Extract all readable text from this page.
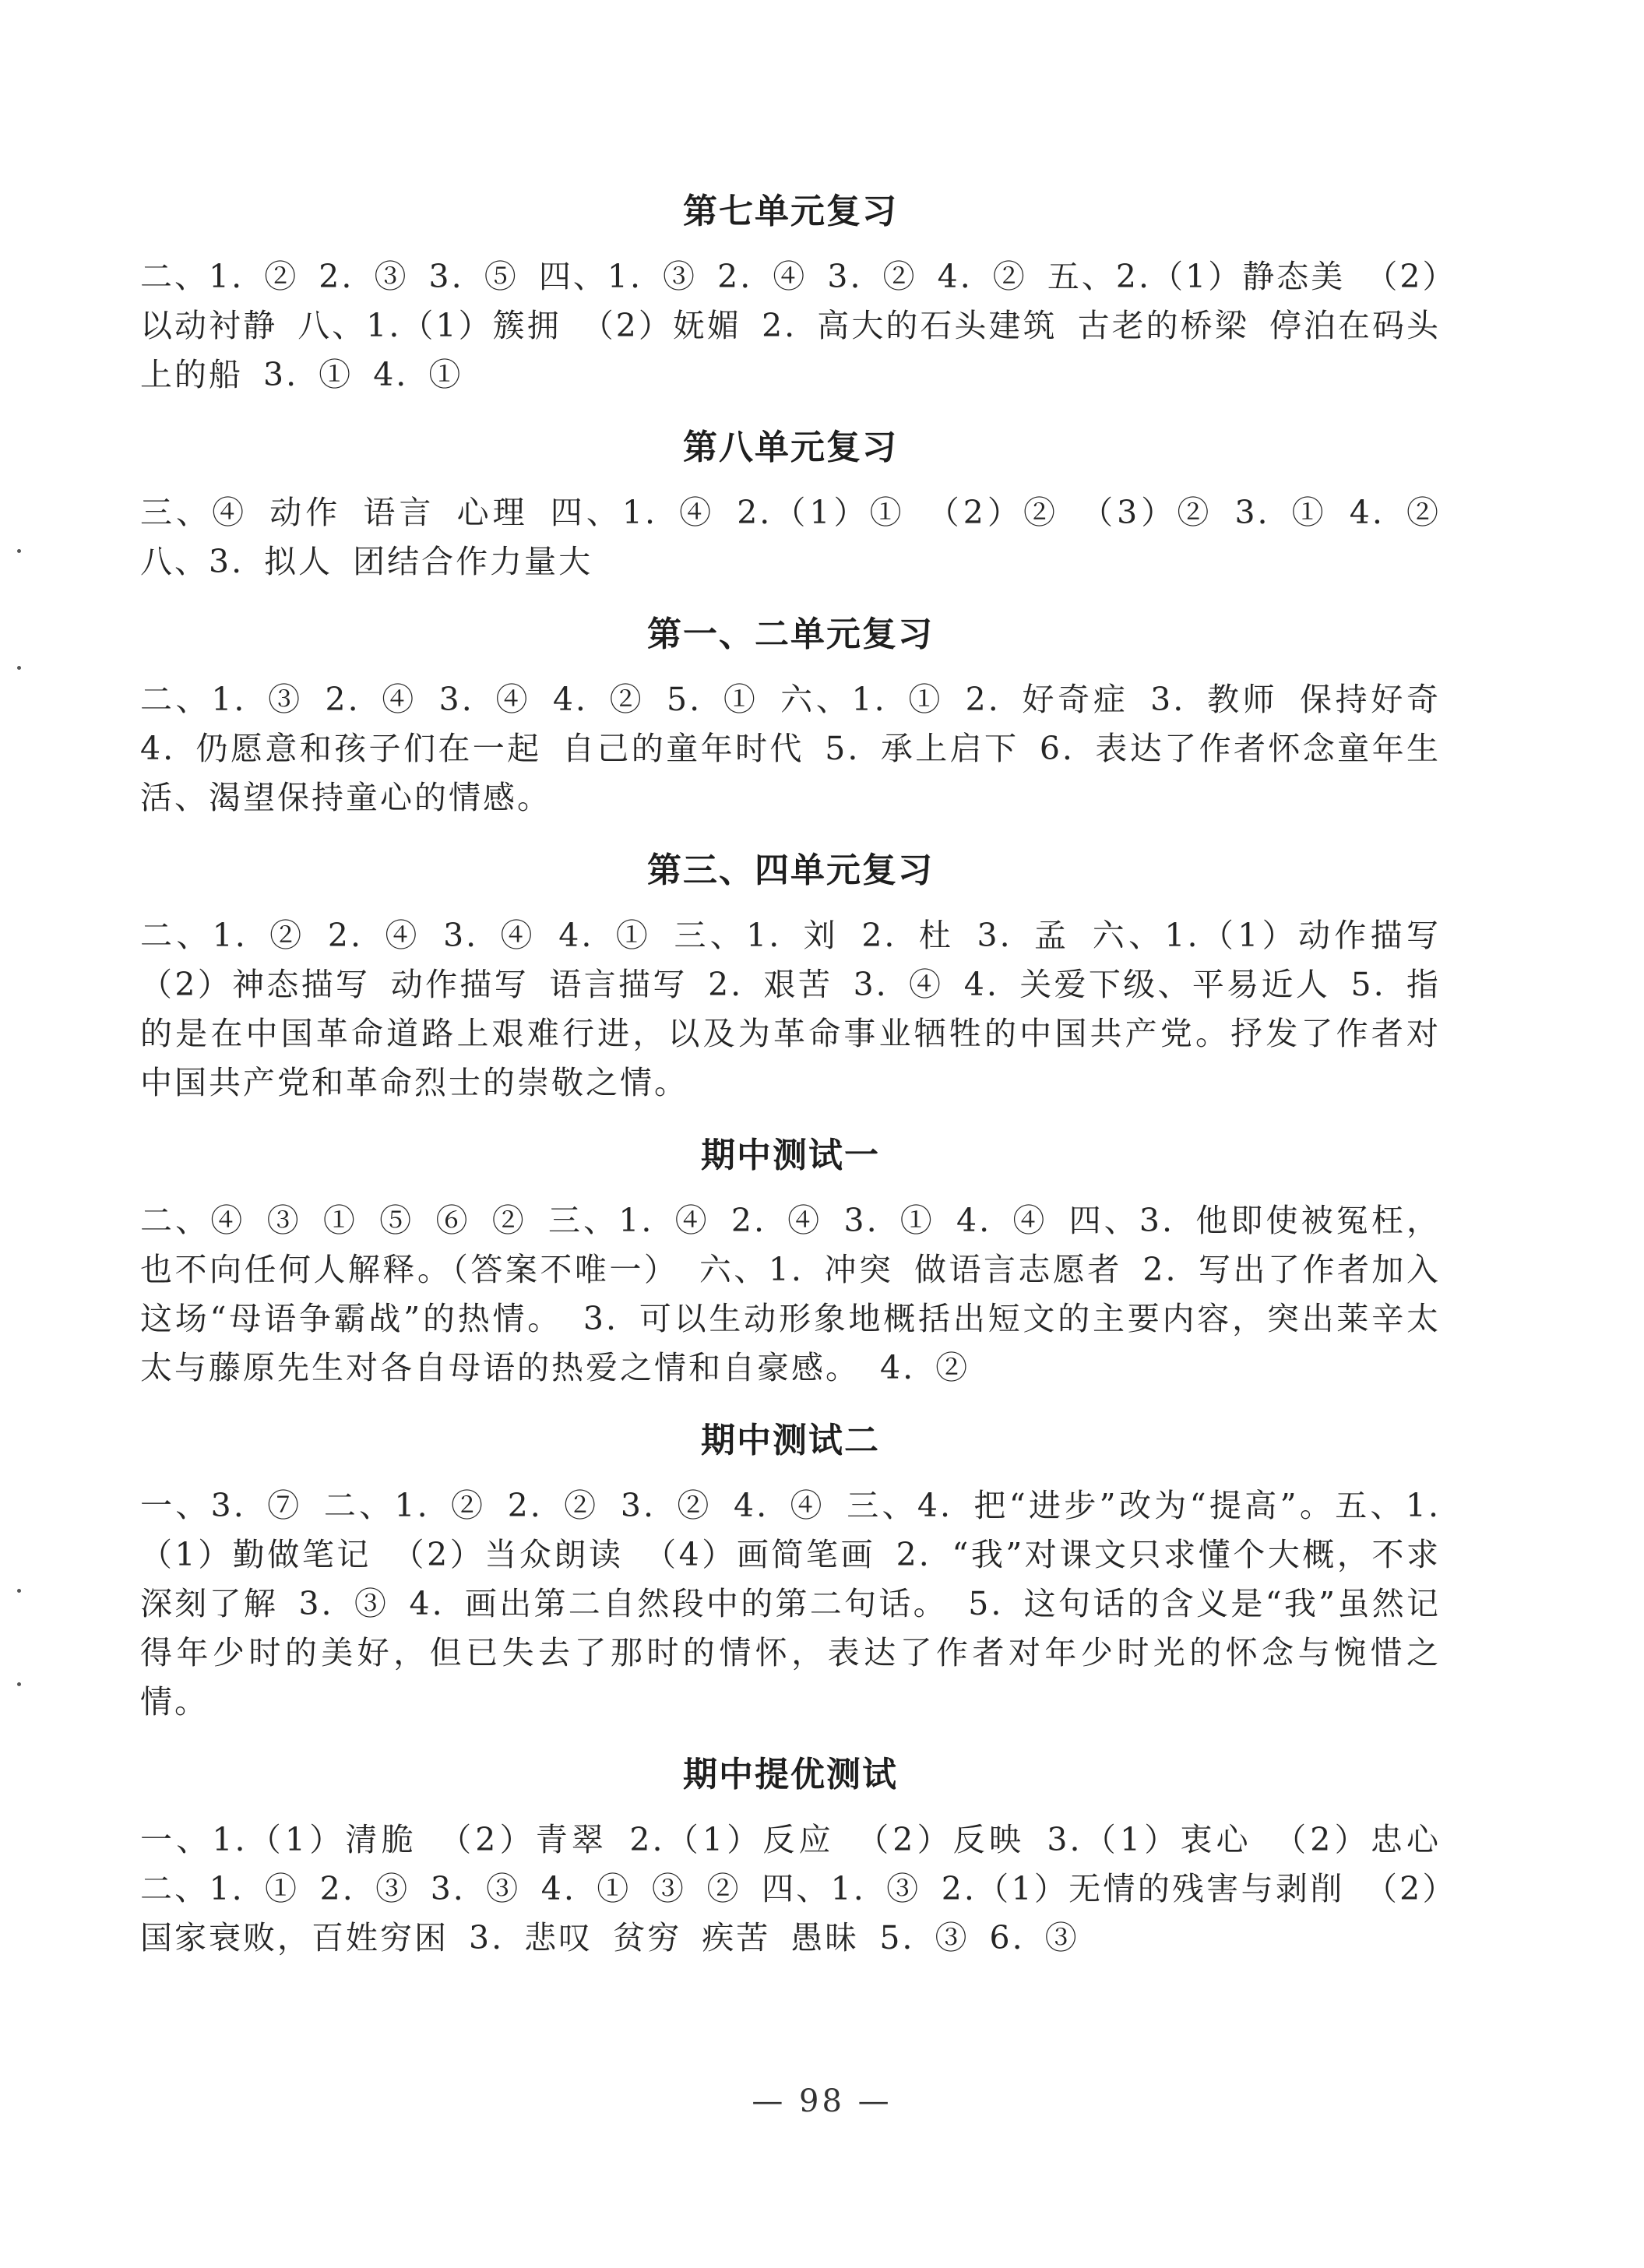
第七单元复习

二、1. ② 2. ③ 3. ⑤ 四、1. ③ 2. ④ 3. ② 4. ② 五、2.（1）静态美 （2）以动衬静 八、1.（1）簇拥 （2）妩媚 2. 高大的石头建筑 古老的桥梁 停泊在码头上的船 3. ① 4. ①

第八单元复习

三、④ 动作 语言 心理 四、1. ④ 2.（1）① （2）② （3）② 3. ① 4. ② 八、3. 拟人 团结合作力量大

第一、二单元复习

二、1. ③ 2. ④ 3. ④ 4. ② 5. ① 六、1. ① 2. 好奇症 3. 教师 保持好奇 4. 仍愿意和孩子们在一起 自己的童年时代 5. 承上启下 6. 表达了作者怀念童年生活、渴望保持童心的情感。

第三、四单元复习

二、1. ② 2. ④ 3. ④ 4. ① 三、1. 刘 2. 杜 3. 孟 六、1.（1）动作描写 （2）神态描写 动作描写 语言描写 2. 艰苦 3. ④ 4. 关爱下级、平易近人 5. 指的是在中国革命道路上艰难行进，以及为革命事业牺牲的中国共产党。抒发了作者对中国共产党和革命烈士的崇敬之情。

期中测试一

二、④ ③ ① ⑤ ⑥ ② 三、1. ④ 2. ④ 3. ① 4. ④ 四、3. 他即使被冤枉，也不向任何人解释。（答案不唯一） 六、1. 冲突 做语言志愿者 2. 写出了作者加入这场“母语争霸战”的热情。 3. 可以生动形象地概括出短文的主要内容，突出莱辛太太与藤原先生对各自母语的热爱之情和自豪感。 4. ②

期中测试二

一、3. ⑦ 二、1. ② 2. ② 3. ② 4. ④ 三、4. 把“进步”改为“提高”。五、1.（1）勤做笔记 （2）当众朗读 （4）画简笔画 2. “我”对课文只求懂个大概，不求深刻了解 3. ③ 4. 画出第二自然段中的第二句话。 5. 这句话的含义是“我”虽然记得年少时的美好，但已失去了那时的情怀，表达了作者对年少时光的怀念与惋惜之情。

期中提优测试

一、1.（1）清脆 （2）青翠 2.（1）反应 （2）反映 3.（1）衷心 （2）忠心 二、1. ① 2. ③ 3. ③ 4. ① ③ ② 四、1. ③ 2.（1）无情的残害与剥削 （2）国家衰败，百姓穷困 3. 悲叹 贫穷 疾苦 愚昧 5. ③ 6. ③

— 98 —
